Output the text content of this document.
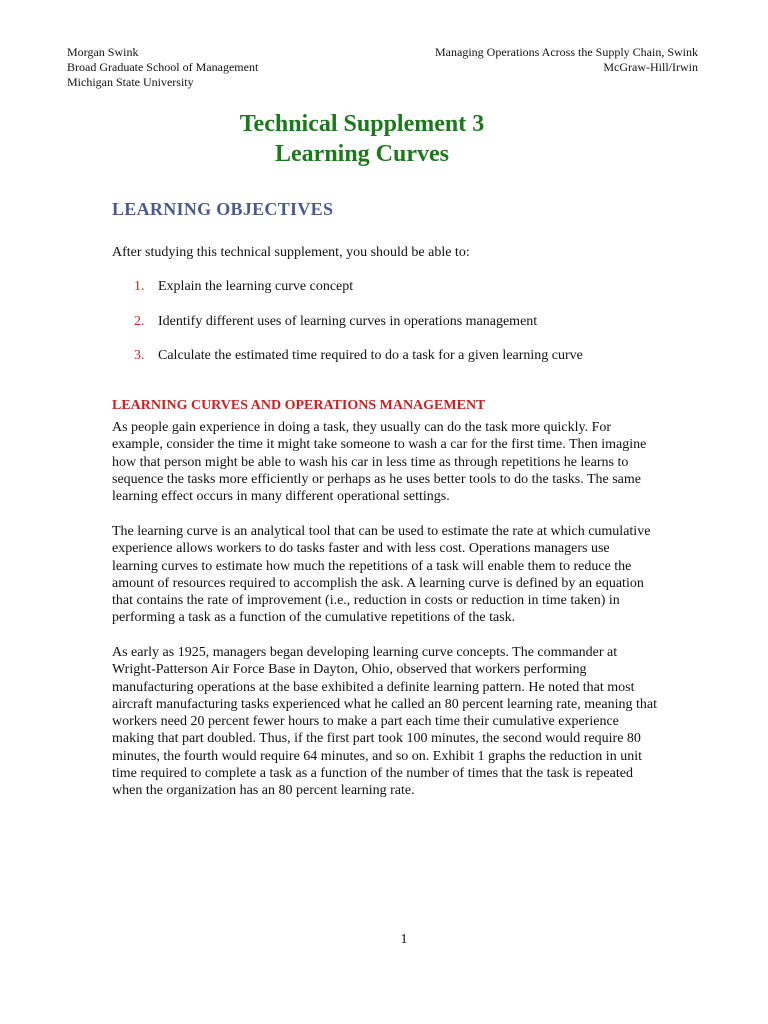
Morgan Swink
Broad Graduate School of Management
Michigan State University
Managing Operations Across the Supply Chain, Swink
McGraw-Hill/Irwin
Technical Supplement 3
Learning Curves
LEARNING OBJECTIVES
After studying this technical supplement, you should be able to:
1. Explain the learning curve concept
2. Identify different uses of learning curves in operations management
3. Calculate the estimated time required to do a task for a given learning curve
LEARNING CURVES AND OPERATIONS MANAGEMENT

As people gain experience in doing a task, they usually can do the task more quickly. For
example, consider the time it might take someone to wash a car for the first time. Then imagine
how that person might be able to wash his car in less time as through repetitions he learns to
sequence the tasks more efficiently or perhaps as he uses better tools to do the tasks. The same
learning effect occurs in many different operational settings.

The learning curve is an analytical tool that can be used to estimate the rate at which cumulative
experience allows workers to do tasks faster and with less cost. Operations managers use
learning curves to estimate how much the repetitions of a task will enable them to reduce the
amount of resources required to accomplish the ask. A learning curve is defined by an equation
that contains the rate of improvement (i.e., reduction in costs or reduction in time taken) in
performing a task as a function of the cumulative repetitions of the task.

As early as 1925, managers began developing learning curve concepts. The commander at
Wright-Patterson Air Force Base in Dayton, Ohio, observed that workers performing
manufacturing operations at the base exhibited a definite learning pattern. He noted that most
aircraft manufacturing tasks experienced what he called an 80 percent learning rate, meaning that
workers need 20 percent fewer hours to make a part each time their cumulative experience
making that part doubled. Thus, if the first part took 100 minutes, the second would require 80
minutes, the fourth would require 64 minutes, and so on. Exhibit 1 graphs the reduction in unit
time required to complete a task as a function of the number of times that the task is repeated
when the organization has an 80 percent learning rate.

1
